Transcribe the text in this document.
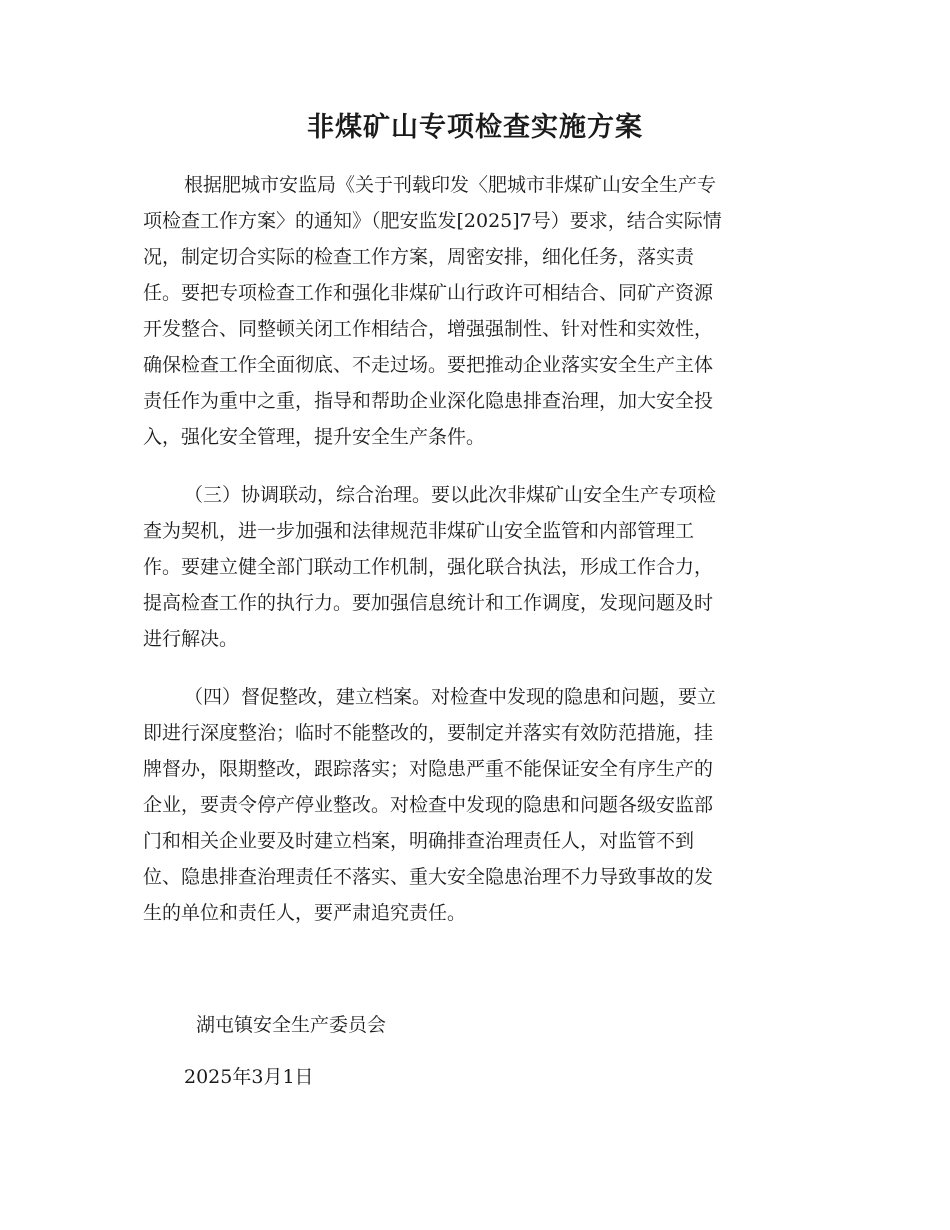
非煤矿山专项检查实施方案

根据肥城市安监局《关于刊载印发〈肥城市非煤矿山安全生产专

项检查工作方案〉的通知》（肥安监发[2025]7号）要求，结合实际情

况，制定切合实际的检查工作方案，周密安排，细化任务，落实责

任。要把专项检查工作和强化非煤矿山行政许可相结合、同矿产资源

开发整合、同整顿关闭工作相结合，增强强制性、针对性和实效性，

确保检查工作全面彻底、不走过场。要把推动企业落实安全生产主体

责任作为重中之重，指导和帮助企业深化隐患排查治理，加大安全投

入，强化安全管理，提升安全生产条件。

（三）协调联动，综合治理。要以此次非煤矿山安全生产专项检

查为契机，进一步加强和法律规范非煤矿山安全监管和内部管理工

作。要建立健全部门联动工作机制，强化联合执法，形成工作合力，

提高检查工作的执行力。要加强信息统计和工作调度，发现问题及时

进行解决。

（四）督促整改，建立档案。对检查中发现的隐患和问题，要立

即进行深度整治；临时不能整改的，要制定并落实有效防范措施，挂

牌督办，限期整改，跟踪落实；对隐患严重不能保证安全有序生产的

企业，要责令停产停业整改。对检查中发现的隐患和问题各级安监部

门和相关企业要及时建立档案，明确排查治理责任人，对监管不到

位、隐患排查治理责任不落实、重大安全隐患治理不力导致事故的发

生的单位和责任人，要严肃追究责任。

湖屯镇安全生产委员会

2025年3月1日
